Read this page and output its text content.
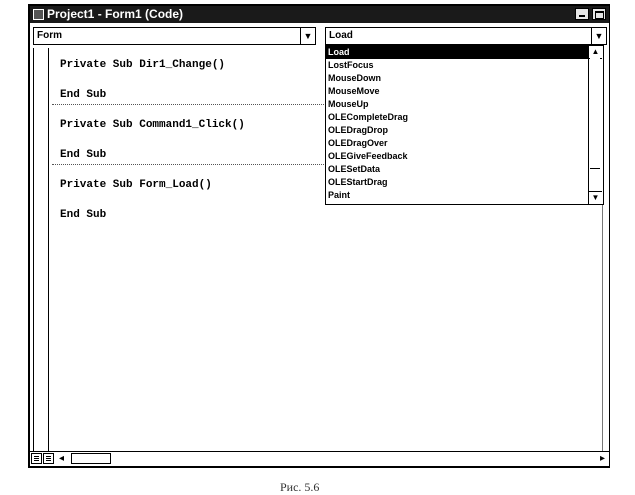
Project1 - Form1 (Code)
Form	▼ Load	▼
Private Sub Dir1_Change()
End Sub
Private Sub Command1_Click()
End Sub
Private Sub Form_Load()
End Sub
◂	▸
Load
LostFocus
MouseDown
MouseMove
MouseUp
OLECompleteDrag
OLEDragDrop
OLEDragOver
OLEGiveFeedback
OLESetData
OLEStartDrag
Paint
▲
▼
Рис. 5.6
